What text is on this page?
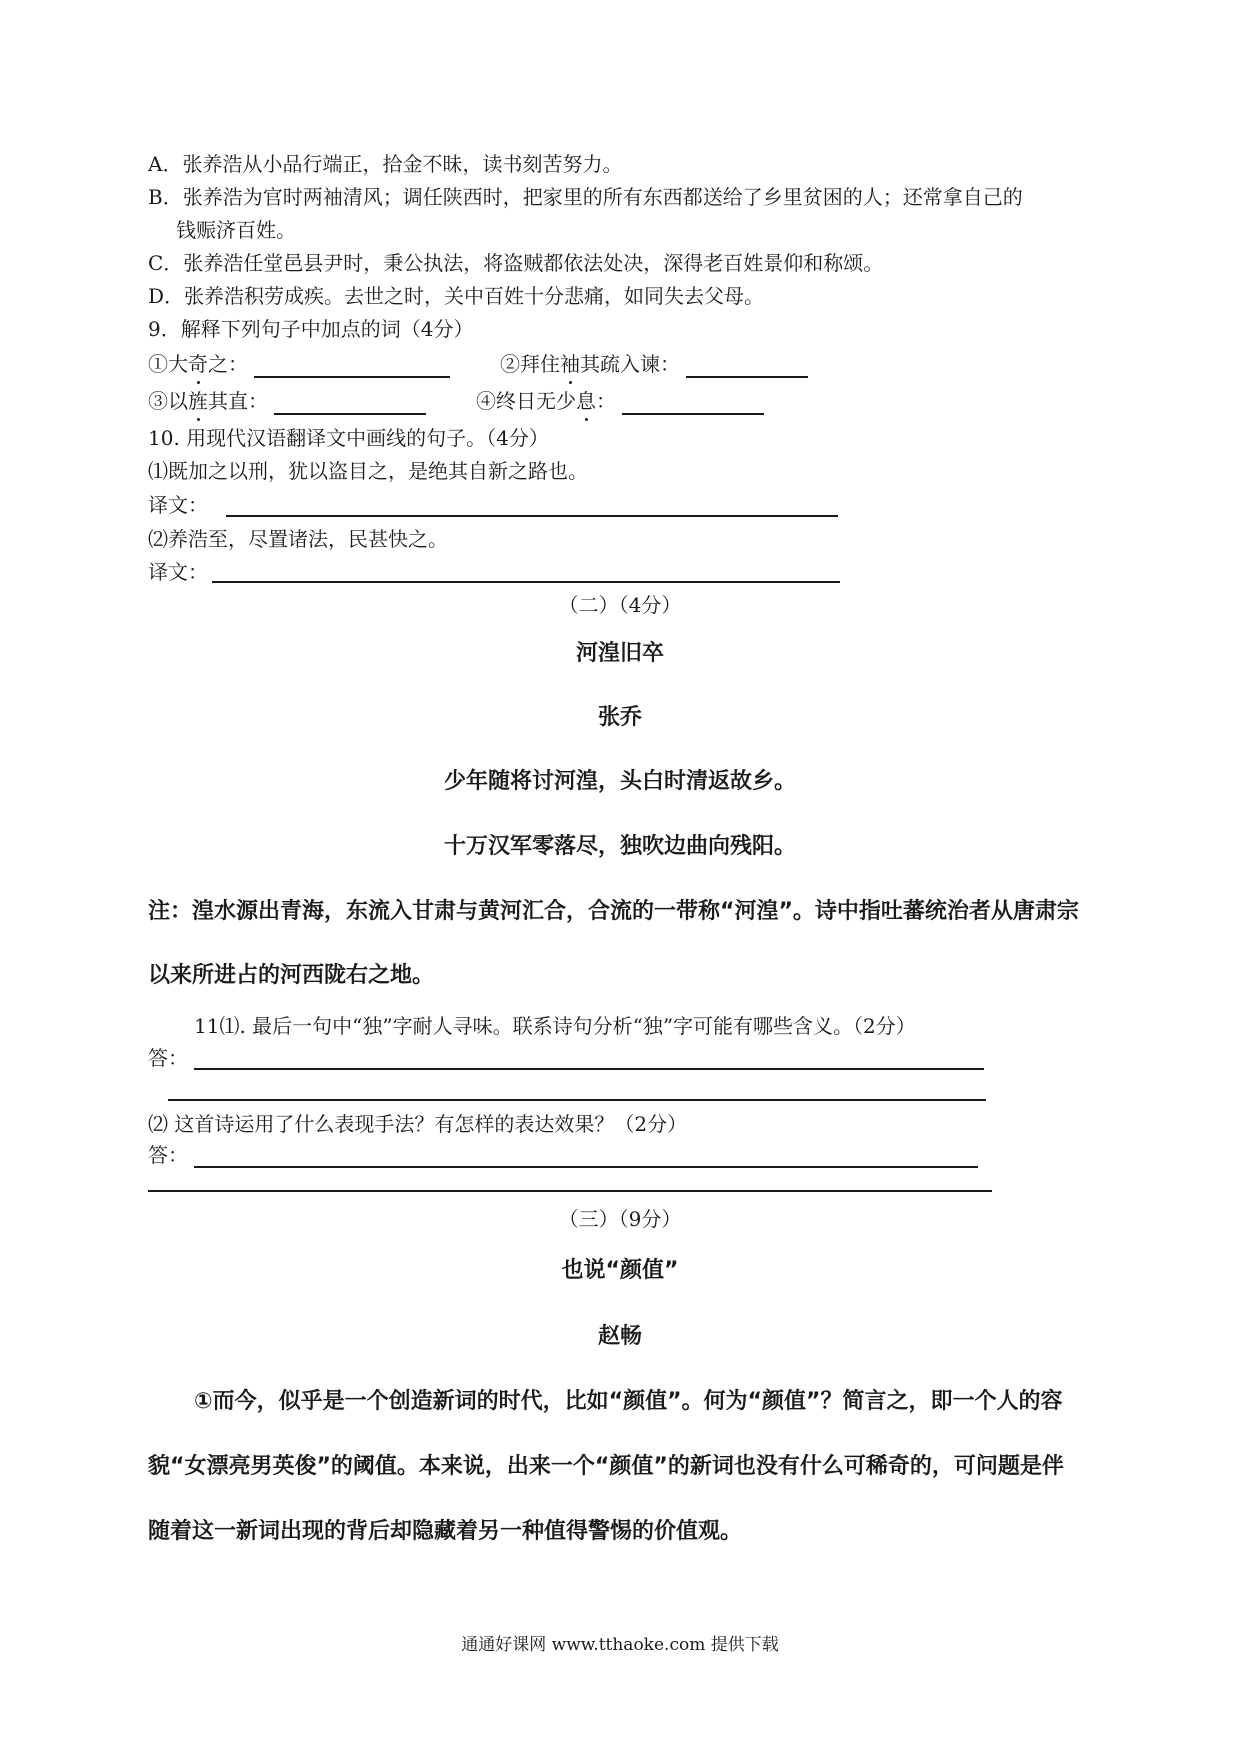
A．张养浩从小品行端正，拾金不昧，读书刻苦努力。
B．张养浩为官时两袖清风；调任陕西时，把家里的所有东西都送给了乡里贫困的人；还常拿自己的
钱赈济百姓。
C．张养浩任堂邑县尹时，秉公执法，将盗贼都依法处决，深得老百姓景仰和称颂。
D．张养浩积劳成疾。去世之时，关中百姓十分悲痛，如同失去父母。
9．解释下列句子中加点的词（4分）
①大奇之：	②拜住袖其疏入谏：
③以旌其直：	④终日无少息：
10. 用现代汉语翻译文中画线的句子。（4分）
⑴既加之以刑，犹以盗目之，是绝其自新之路也。
译文：
⑵养浩至，尽置诸法，民甚快之。
译文：
（二）（4分）
河湟旧卒
张乔
少年随将讨河湟，头白时清返故乡。
十万汉军零落尽，独吹边曲向残阳。
注：湟水源出青海，东流入甘肃与黄河汇合，合流的一带称“河湟”。诗中指吐蕃统治者从唐肃宗
以来所进占的河西陇右之地。
11⑴. 最后一句中“独”字耐人寻味。联系诗句分析“独”字可能有哪些含义。（2分）
答：
⑵ 这首诗运用了什么表现手法？有怎样的表达效果？（2分）
答：
（三）（9分）
也说“颜值”
赵畅
①而今，似乎是一个创造新词的时代，比如“颜值”。何为“颜值”？简言之，即一个人的容
貌“女漂亮男英俊”的阈值。本来说，出来一个“颜值”的新词也没有什么可稀奇的，可问题是伴
随着这一新词出现的背后却隐藏着另一种值得警惕的价值观。
通通好课网 www.tthaoke.com 提供下载
